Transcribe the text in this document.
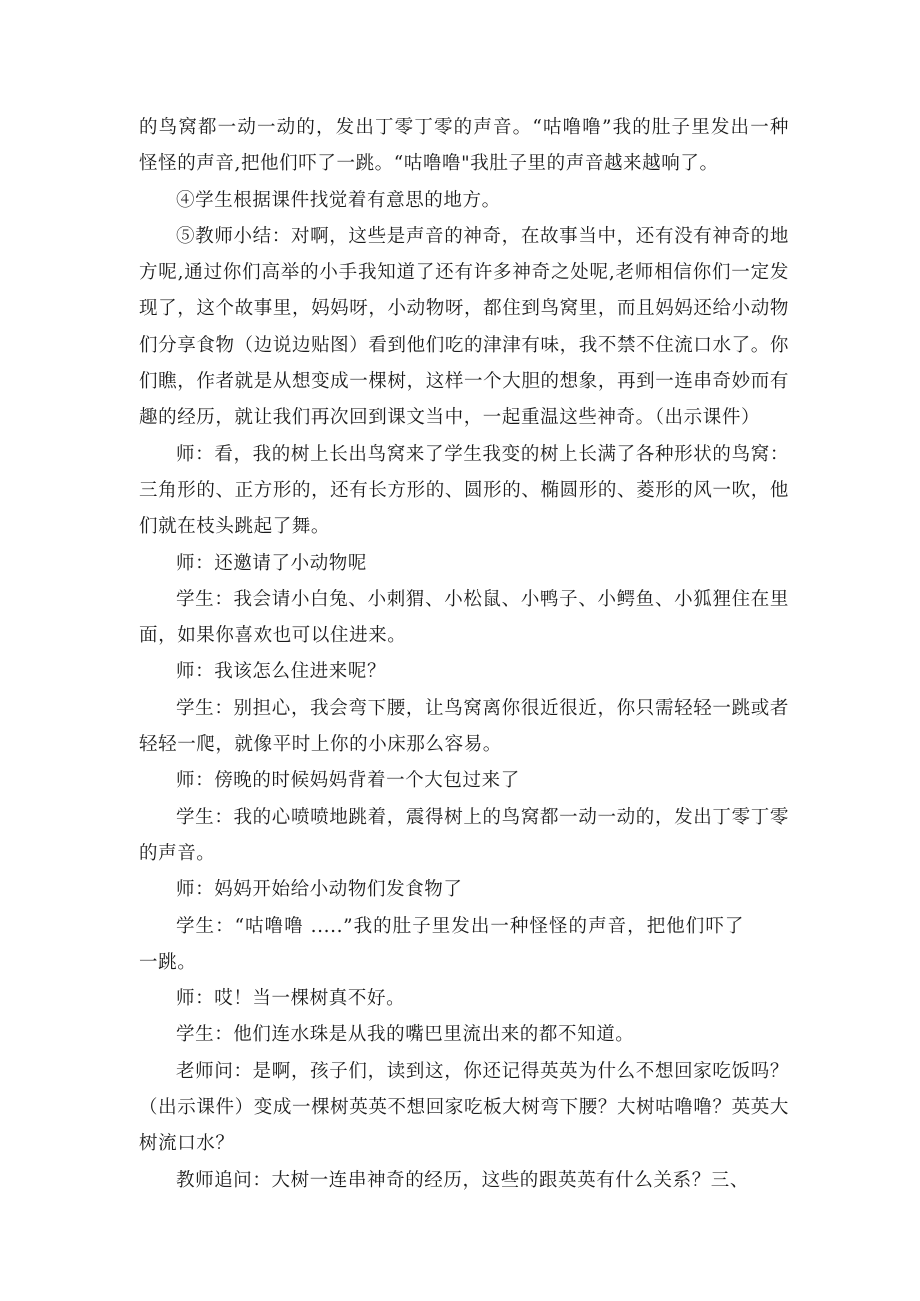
的鸟窝都一动一动的，发出丁零丁零的声音。“咕噜噜”我的肚子里发出一种怪怪的声音,把他们吓了一跳。“咕噜噜"我肚子里的声音越来越响了。

④学生根据课件找觉着有意思的地方。

⑤教师小结：对啊，这些是声音的神奇，在故事当中，还有没有神奇的地方呢,通过你们高举的小手我知道了还有许多神奇之处呢,老师相信你们一定发现了，这个故事里，妈妈呀，小动物呀，都住到鸟窝里，而且妈妈还给小动物们分享食物（边说边贴图）看到他们吃的津津有味，我不禁不住流口水了。你们瞧，作者就是从想变成一棵树，这样一个大胆的想象，再到一连串奇妙而有趣的经历，就让我们再次回到课文当中，一起重温这些神奇。（出示课件）

师：看，我的树上长出鸟窝来了学生我变的树上长满了各种形状的鸟窝：三角形的、正方形的，还有长方形的、圆形的、椭圆形的、菱形的风一吹，他们就在枝头跳起了舞。

师：还邀请了小动物呢

学生：我会请小白兔、小刺猬、小松鼠、小鸭子、小鳄鱼、小狐狸住在里面，如果你喜欢也可以住进来。

师：我该怎么住进来呢？

学生：别担心，我会弯下腰，让鸟窝离你很近很近，你只需轻轻一跳或者轻轻一爬，就像平时上你的小床那么容易。

师：傍晚的时候妈妈背着一个大包过来了

学生：我的心喷喷地跳着，震得树上的鸟窝都一动一动的，发出丁零丁零的声音。

师：妈妈开始给小动物们发食物了

学生：“咕噜噜 .....”我的肚子里发出一种怪怪的声音，把他们吓了一跳。

师：哎！当一棵树真不好。

学生：他们连水珠是从我的嘴巴里流出来的都不知道。

老师问：是啊，孩子们，读到这，你还记得英英为什么不想回家吃饭吗？（出示课件）变成一棵树英英不想回家吃板大树弯下腰？大树咕噜噜？英英大树流口水？

教师追问：大树一连串神奇的经历，这些的跟英英有什么关系？三、
